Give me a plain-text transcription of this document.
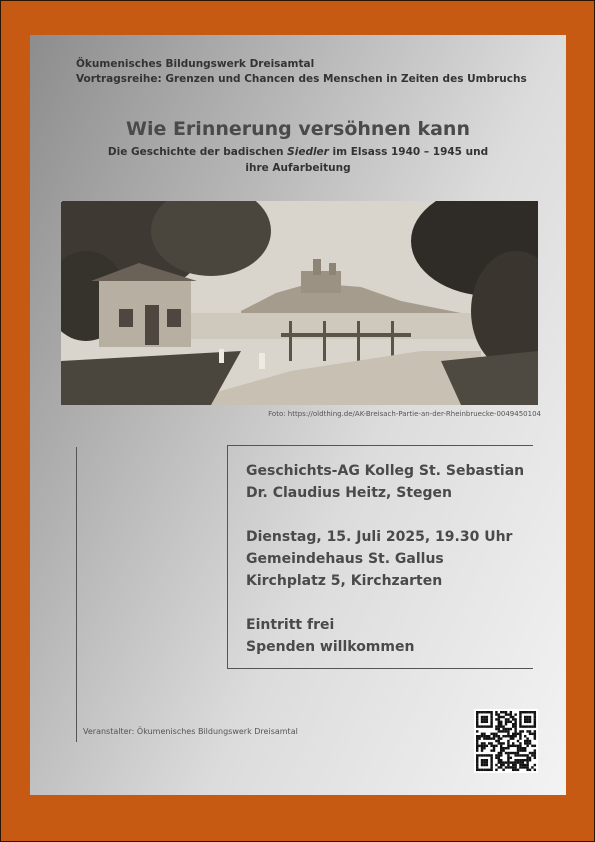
Ökumenisches Bildungswerk Dreisamtal
Vortragsreihe: Grenzen und Chancen des Menschen in Zeiten des Umbruchs
Wie Erinnerung versöhnen kann
Die Geschichte der badischen Siedler im Elsass 1940 – 1945 und
ihre Aufarbeitung
Foto: https://oldthing.de/AK-Breisach-Partie-an-der-Rheinbruecke-0049450104
Geschichts-AG Kolleg St. Sebastian
Dr. Claudius Heitz, Stegen
Dienstag, 15. Juli 2025, 19.30 Uhr
Gemeindehaus St. Gallus
Kirchplatz 5, Kirchzarten
Eintritt frei
Spenden willkommen
Veranstalter: Ökumenisches Bildungswerk Dreisamtal
